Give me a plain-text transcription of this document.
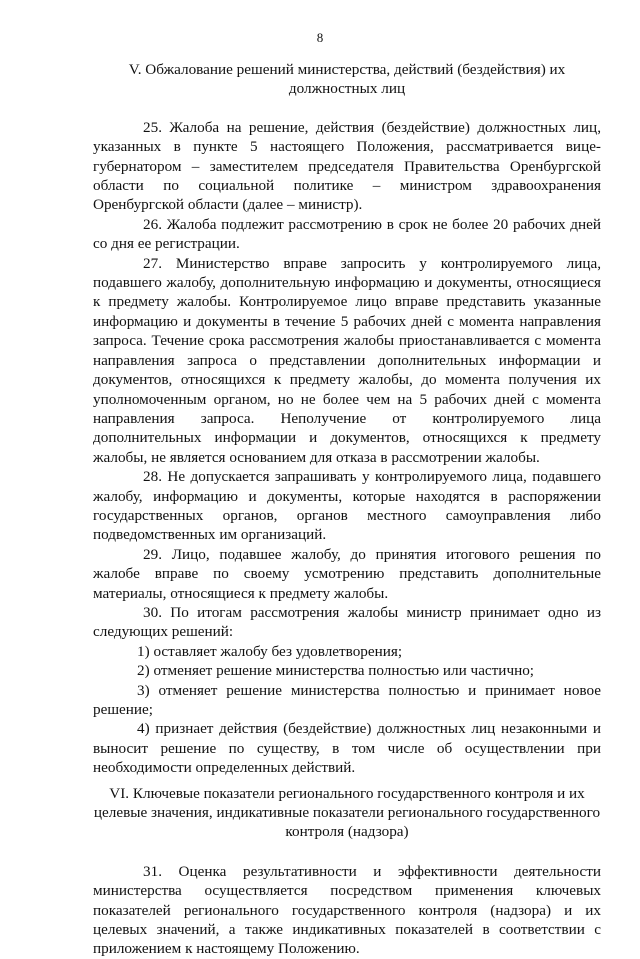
8
V. Обжалование решений министерства, действий (бездействия) их должностных лиц

25. Жалоба на решение, действия (бездействие) должностных лиц, указанных в пункте 5 настоящего Положения, рассматривается вице-губернатором – заместителем председателя Правительства Оренбургской области по социальной политике – министром здравоохранения Оренбургской области (далее – министр).

26. Жалоба подлежит рассмотрению в срок не более 20 рабочих дней со дня ее регистрации.

27. Министерство вправе запросить у контролируемого лица, подавшего жалобу, дополнительную информацию и документы, относящиеся к предмету жалобы. Контролируемое лицо вправе представить указанные информацию и документы в течение 5 рабочих дней с момента направления запроса. Течение срока рассмотрения жалобы приостанавливается с момента направления запроса о представлении дополнительных информации и документов, относящихся к предмету жалобы, до момента получения их уполномоченным органом, но не более чем на 5 рабочих дней с момента направления запроса. Неполучение от контролируемого лица дополнительных информации и документов, относящихся к предмету жалобы, не является основанием для отказа в рассмотрении жалобы.

28. Не допускается запрашивать у контролируемого лица, подавшего жалобу, информацию и документы, которые находятся в распоряжении государственных органов, органов местного самоуправления либо подведомственных им организаций.

29. Лицо, подавшее жалобу, до принятия итогового решения по жалобе вправе по своему усмотрению представить дополнительные материалы, относящиеся к предмету жалобы.

30. По итогам рассмотрения жалобы министр принимает одно из следующих решений:

1) оставляет жалобу без удовлетворения;

2) отменяет решение министерства полностью или частично;

3) отменяет решение министерства полностью и принимает новое решение;

4) признает действия (бездействие) должностных лиц незаконными и выносит решение по существу, в том числе об осуществлении при необходимости определенных действий.

VI. Ключевые показатели регионального государственного контроля и их целевые значения, индикативные показатели регионального государственного контроля (надзора)

31. Оценка результативности и эффективности деятельности министерства осуществляется посредством применения ключевых показателей регионального государственного контроля (надзора) и их целевых значений, а также индикативных показателей в соответствии с приложением к настоящему Положению.
